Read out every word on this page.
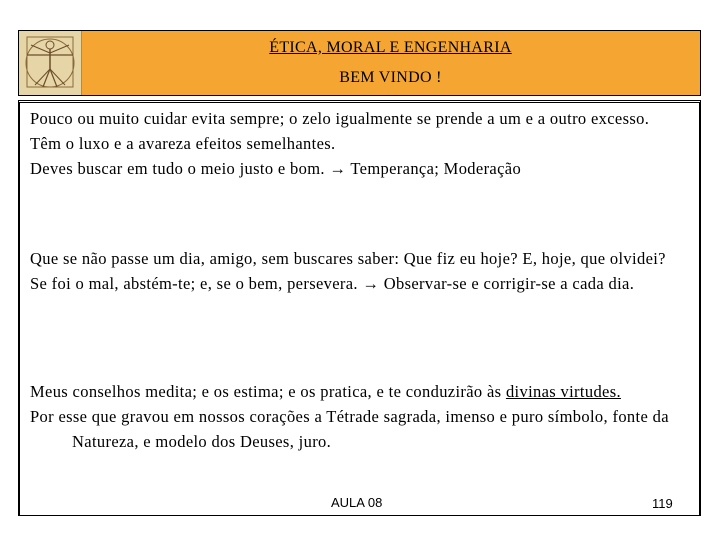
ÉTICA, MORAL E ENGENHARIA
BEM VINDO !
Pouco ou muito cuidar evita sempre; o zelo igualmente se prende a um e a outro excesso.
Têm o luxo e a avareza efeitos semelhantes.
Deves buscar em tudo o meio justo e bom. → Temperança; Moderação
Que se não passe um dia, amigo, sem buscares saber: Que fiz eu hoje? E, hoje, que olvidei?
Se foi o mal, abstém-te; e, se o bem, persevera. → Observar-se e corrigir-se a cada dia.
Meus conselhos medita; e os estima; e os pratica, e te conduzirão às divinas virtudes.
Por esse que gravou em nossos corações a Tétrade sagrada, imenso e puro símbolo, fonte da Natureza, e modelo dos Deuses, juro.
AULA 08	119
